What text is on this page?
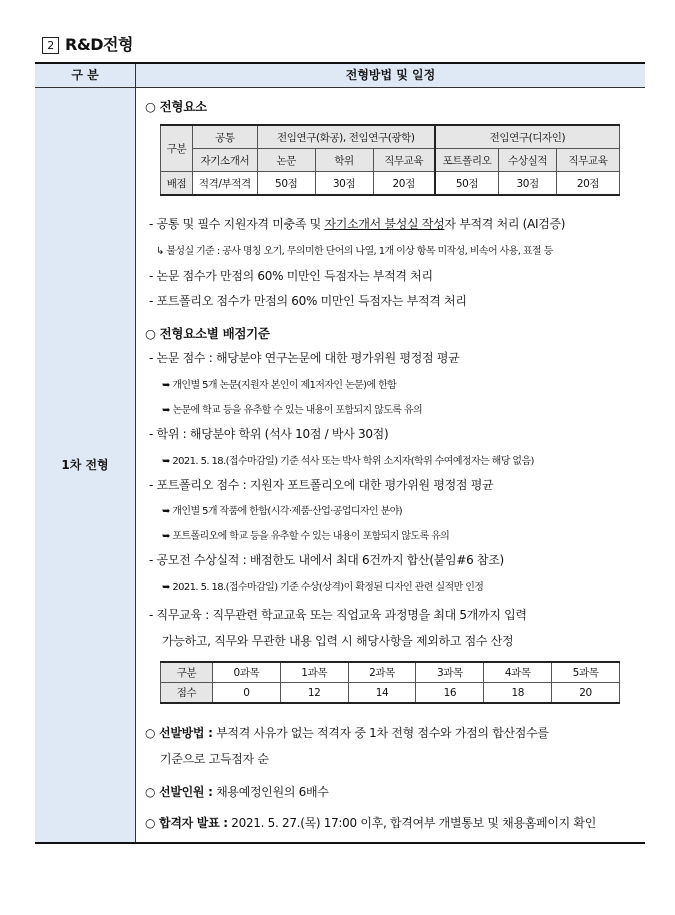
2 R&D전형
구 분	전형방법 및 일정
1차 전형
○ 전형요소
구분	공통	전임연구(화공), 전임연구(광학)			전임연구(디자인)		
	자기소개서	논문	학위	직무교육	포트폴리오	수상실적	직무교육
배점	적격/부적격	50점	30점	20점	50점	30점	20점
- 공통 및 필수 지원자격 미충족 및 자기소개서 불성실 작성자 부적격 처리 (AI검증)
↳ 불성실 기준 : 공사 명칭 오기, 무의미한 단어의 나열, 1개 이상 항목 미작성, 비속어 사용, 표절 등
- 논문 점수가 만점의 60% 미만인 득점자는 부적격 처리
- 포트폴리오 점수가 만점의 60% 미만인 득점자는 부적격 처리
○ 전형요소별 배점기준
- 논문 점수 : 해당분야 연구논문에 대한 평가위원 평정점 평균
➥ 개인별 5개 논문(지원자 본인이 제1저자인 논문)에 한함
➥ 논문에 학교 등을 유추할 수 있는 내용이 포함되지 않도록 유의
- 학위 : 해당분야 학위 (석사 10점 / 박사 30점)
➥ 2021. 5. 18.(접수마감일) 기준 석사 또는 박사 학위 소지자(학위 수여예정자는 해당 없음)
- 포트폴리오 점수 : 지원자 포트폴리오에 대한 평가위원 평정점 평균
➥ 개인별 5개 작품에 한함(시각·제품·산업·공업디자인 분야)
➥ 포트폴리오에 학교 등을 유추할 수 있는 내용이 포함되지 않도록 유의
- 공모전 수상실적 : 배점한도 내에서 최대 6건까지 합산(붙임#6 참조)
➥ 2021. 5. 18.(접수마감일) 기준 수상(상격)이 확정된 디자인 관련 실적만 인정
- 직무교육 : 직무관련 학교교육 또는 직업교육 과정명을 최대 5개까지 입력
가능하고, 직무와 무관한 내용 입력 시 해당사항을 제외하고 점수 산정
구분	0과목	1과목	2과목	3과목	4과목	5과목
점수	0	12	14	16	18	20
○ 선발방법 : 부적격 사유가 없는 적격자 중 1차 전형 점수와 가점의 합산점수를
기준으로 고득점자 순
○ 선발인원 : 채용예정인원의 6배수
○ 합격자 발표 : 2021. 5. 27.(목) 17:00 이후, 합격여부 개별통보 및 채용홈페이지 확인
